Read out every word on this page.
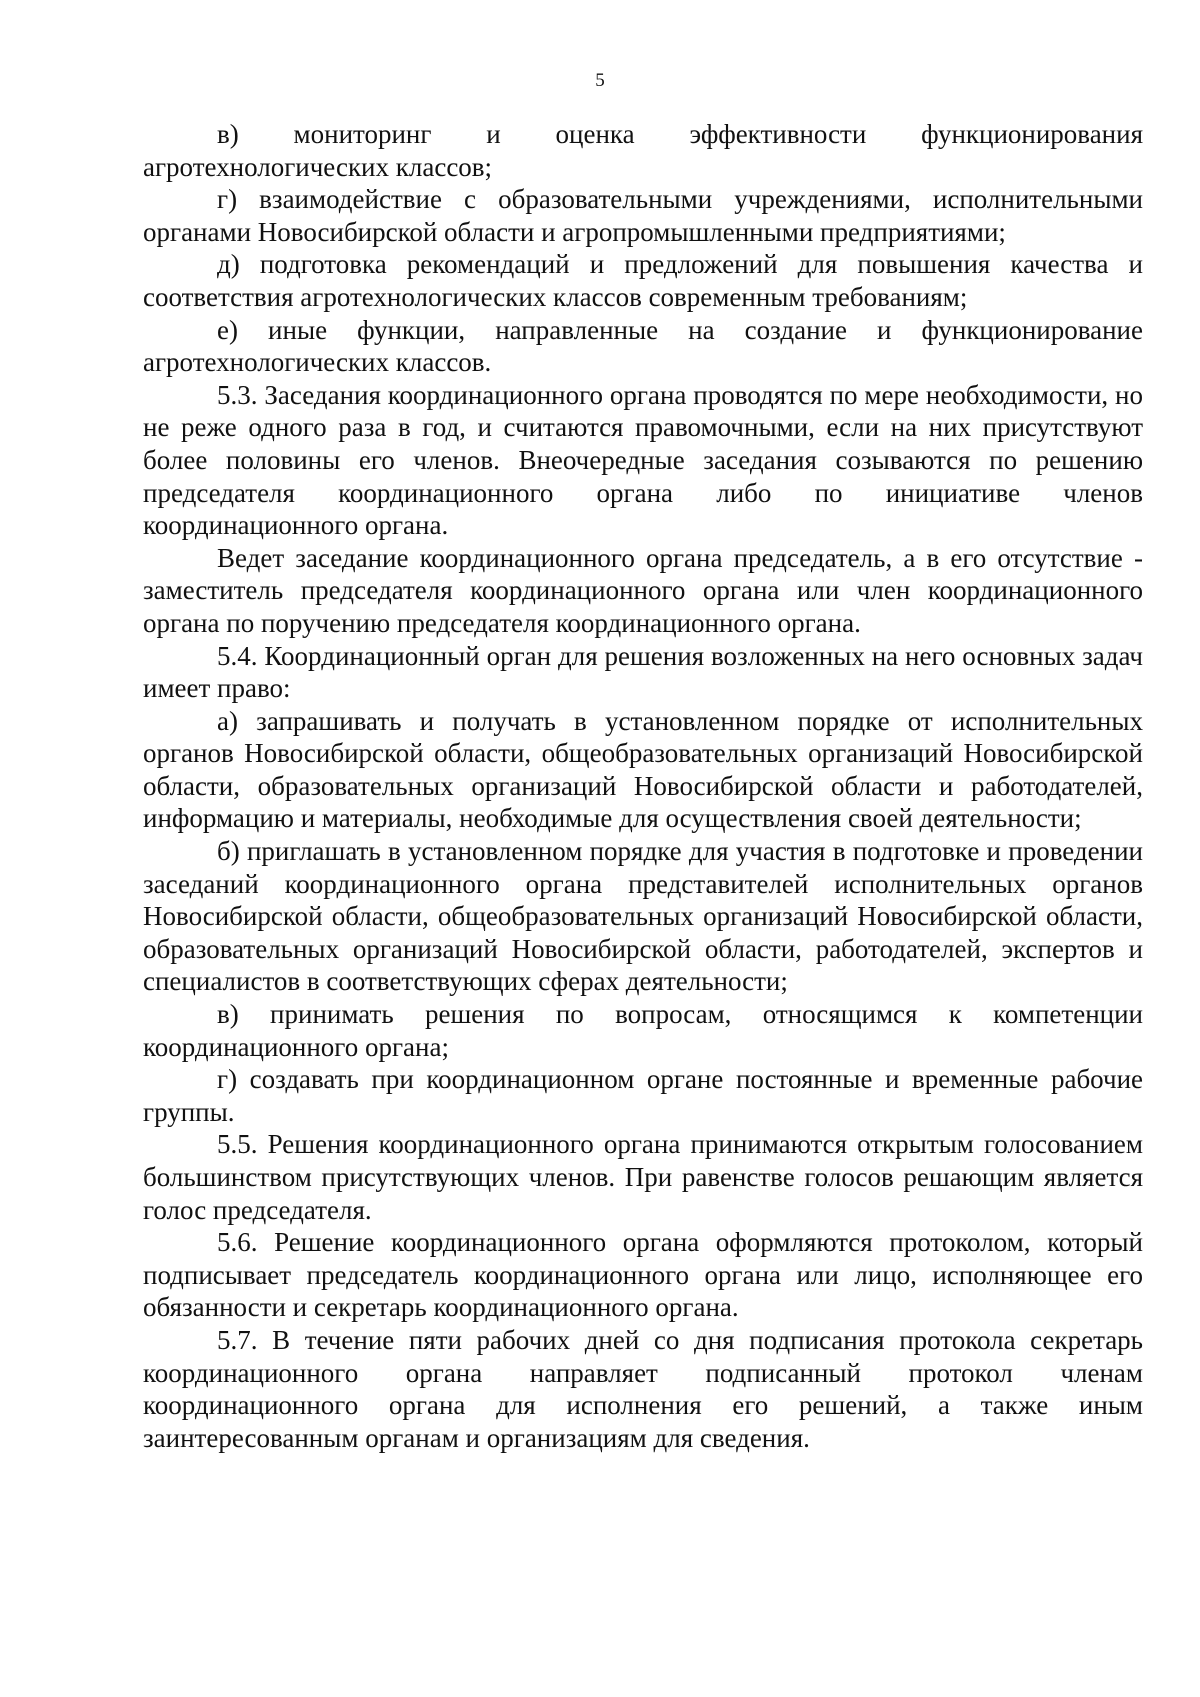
5

в) мониторинг и оценка эффективности функционирования агротехнологических классов;

г) взаимодействие с образовательными учреждениями, исполнительными органами Новосибирской области и агропромышленными предприятиями;

д) подготовка рекомендаций и предложений для повышения качества и соответствия агротехнологических классов современным требованиям;

е) иные функции, направленные на создание и функционирование агротехнологических классов.

5.3. Заседания координационного органа проводятся по мере необходимости, но не реже одного раза в год, и считаются правомочными, если на них присутствуют более половины его членов. Внеочередные заседания созываются по решению председателя координационного органа либо по инициативе членов координационного органа.

Ведет заседание координационного органа председатель, а в его отсутствие - заместитель председателя координационного органа или член координационного органа по поручению председателя координационного органа.

5.4. Координационный орган для решения возложенных на него основных задач имеет право:

а) запрашивать и получать в установленном порядке от исполнительных органов Новосибирской области, общеобразовательных организаций Новосибирской области, образовательных организаций Новосибирской области и работодателей, информацию и материалы, необходимые для осуществления своей деятельности;

б) приглашать в установленном порядке для участия в подготовке и проведении заседаний координационного органа представителей исполнительных органов Новосибирской области, общеобразовательных организаций Новосибирской области, образовательных организаций Новосибирской области, работодателей, экспертов и специалистов в соответствующих сферах деятельности;

в) принимать решения по вопросам, относящимся к компетенции координационного органа;

г) создавать при координационном органе постоянные и временные рабочие группы.

5.5. Решения координационного органа принимаются открытым голосованием большинством присутствующих членов. При равенстве голосов решающим является голос председателя.

5.6. Решение координационного органа оформляются протоколом, который подписывает председатель координационного органа или лицо, исполняющее его обязанности и секретарь координационного органа.

5.7. В течение пяти рабочих дней со дня подписания протокола секретарь координационного органа направляет подписанный протокол членам координационного органа для исполнения его решений, а также иным заинтересованным органам и организациям для сведения.
